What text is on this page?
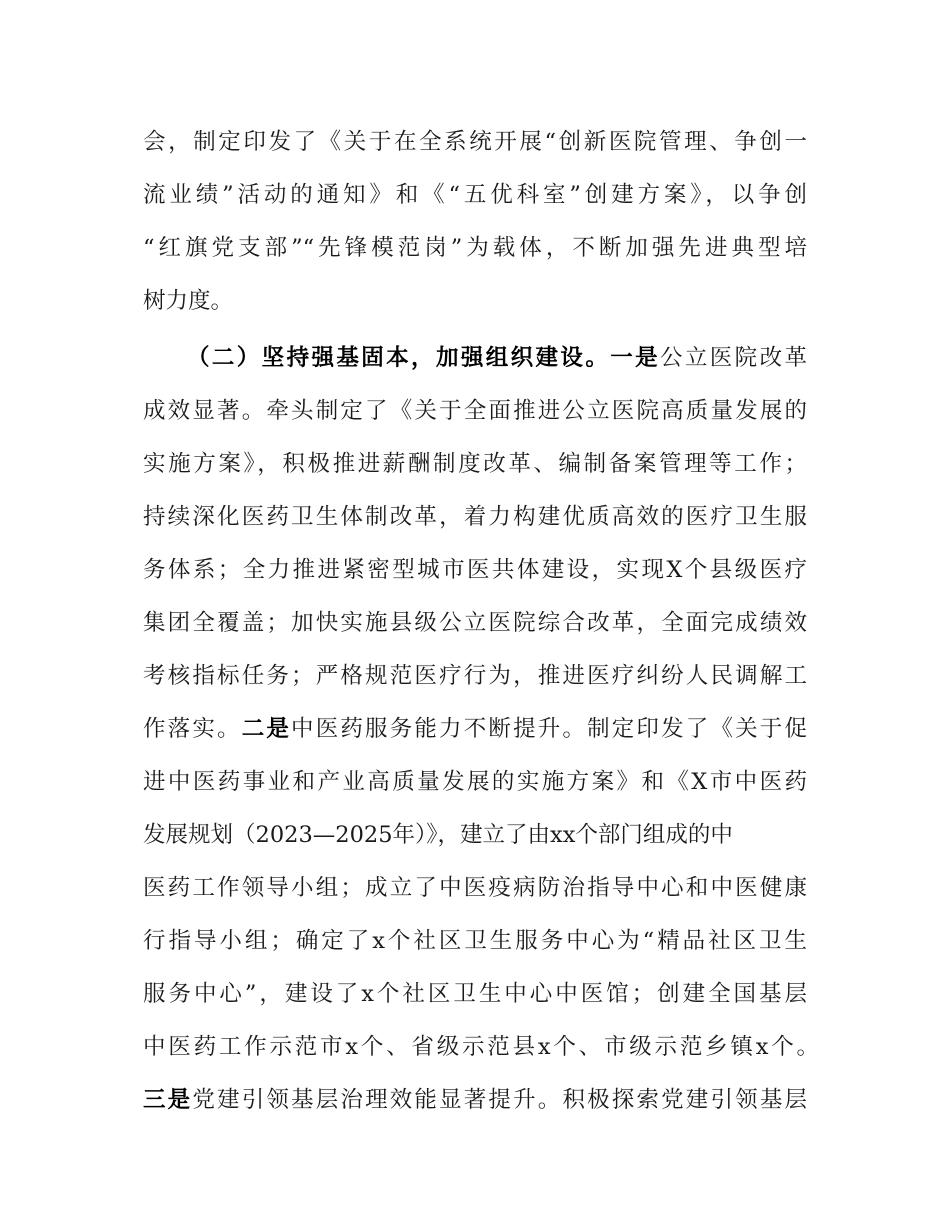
会，制定印发了《关于在全系统开展“创新医院管理、争创一
流业绩”活动的通知》和《“五优科室”创建方案》，以争创
“红旗党支部”“先锋模范岗”为载体，不断加强先进典型培
树力度。
（二）坚持强基固本，加强组织建设。一是公立医院改革
成效显著。牵头制定了《关于全面推进公立医院高质量发展的
实施方案》，积极推进薪酬制度改革、编制备案管理等工作；
持续深化医药卫生体制改革，着力构建优质高效的医疗卫生服
务体系；全力推进紧密型城市医共体建设，实现X个县级医疗
集团全覆盖；加快实施县级公立医院综合改革，全面完成绩效
考核指标任务；严格规范医疗行为，推进医疗纠纷人民调解工
作落实。二是中医药服务能力不断提升。制定印发了《关于促
进中医药事业和产业高质量发展的实施方案》和《X市中医药
发展规划（2023—2025年）》，建立了由xx个部门组成的中
医药工作领导小组；成立了中医疫病防治指导中心和中医健康
行指导小组；确定了x个社区卫生服务中心为“精品社区卫生
服务中心”，建设了x个社区卫生中心中医馆；创建全国基层
中医药工作示范市x个、省级示范县x个、市级示范乡镇x个。
三是党建引领基层治理效能显著提升。积极探索党建引领基层
